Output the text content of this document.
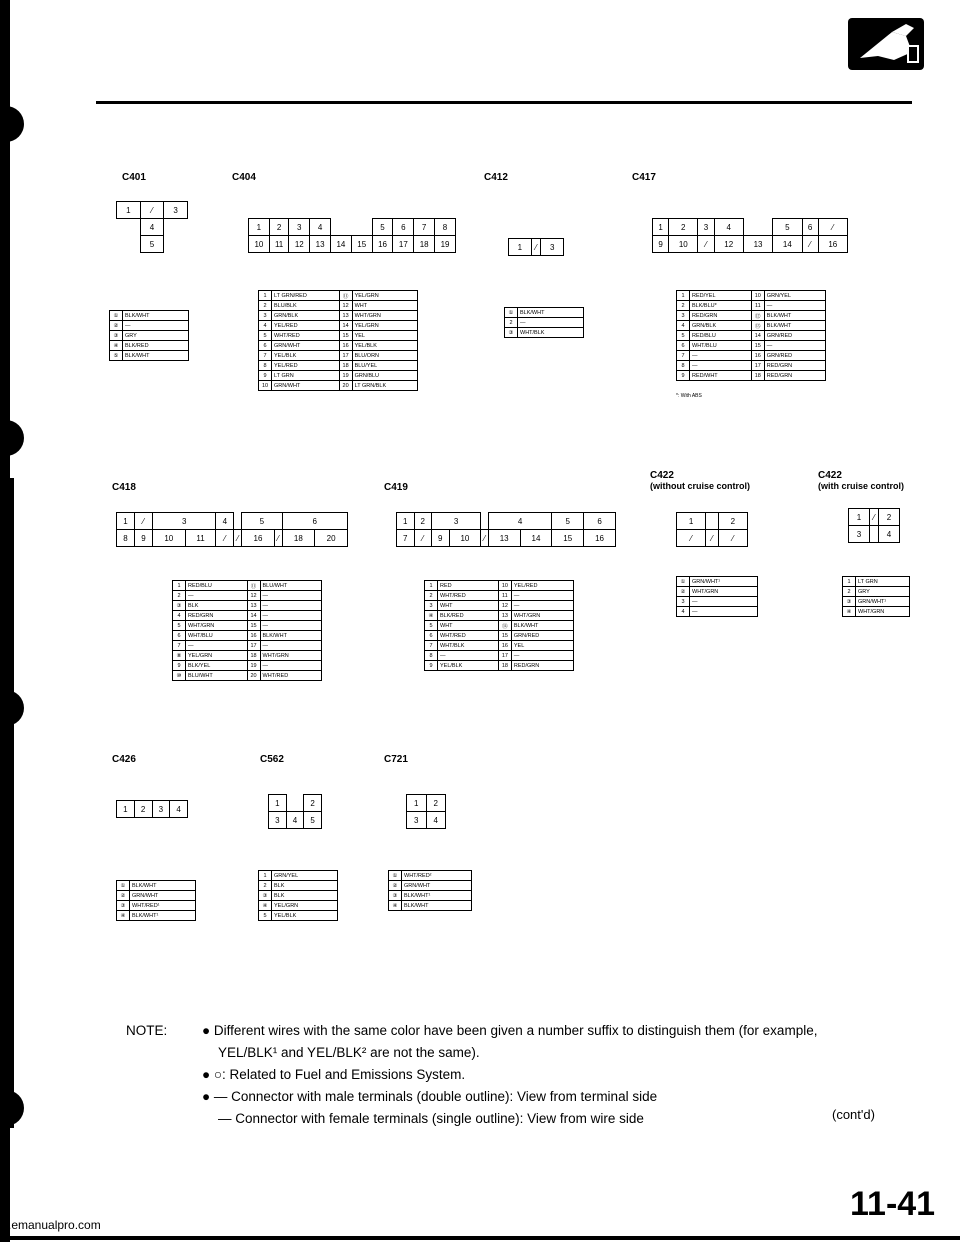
C401
1	⁄	3
	4	
	5	
①	BLK/WHT
②	—
③	GRY
④	BLK/RED
⑤	BLK/WHT
C404
1	2	3	4			5	6	7	8
10	11	12	13	14	15	16	17	18	19
1	LT GRN/RED	⑪	YEL/GRN
2	BLU/BLK	12	WHT
3	GRN/BLK	13	WHT/GRN
4	YEL/RED	14	YEL/GRN
5	WHT/RED	15	YEL
6	GRN/WHT	16	YEL/BLK
7	YEL/BLK	17	BLU/ORN
8	YEL/RED	18	BLU/YEL
9	LT GRN	19	GRN/BLU
10	GRN/WHT	20	LT GRN/BLK
C412
1	⁄	3
①	BLK/WHT
2	—
③	WHT/BLK
C417
1	2	3	4		5	6	⁄
9	10	⁄	12	13	14	⁄	16
1	RED/YEL	10	GRN/YEL
2	BLK/BLU*	11	—
3	RED/GRN	⑫	BLK/WHT
4	GRN/BLK	⑬	BLK/WHT
5	RED/BLU	14	GRN/RED
6	WHT/BLU	15	—
7	—	16	GRN/RED
8	—	17	RED/GRN
9	RED/WHT	18	RED/GRN
*: With ABS
C418
1	⁄	3		4		5		6	
8	9	10	11	⁄	⁄	16	⁄	18	20
1	RED/BLU	⑪	BLU/WHT
2	—	12	—
③	BLK	13	—
4	RED/GRN	14	—
5	WHT/GRN	15	—
6	WHT/BLU	16	BLK/WHT
7	—	17	—
⑧	YEL/GRN	18	WHT/GRN
9	BLK/YEL	19	—
⑩	BLU/WHT	20	WHT/RED
C419
1	2	3			4		5	6
7	⁄	9	10	⁄	13	14	15	16
1	RED	10	YEL/RED
2	WHT/RED	11	—
3	WHT	12	—
④	BLK/RED	13	WHT/GRN
5	WHT	⑭	BLK/WHT
6	WHT/RED	15	GRN/RED
7	WHT/BLK	16	YEL
8	—	17	—
9	YEL/BLK	18	RED/GRN
C422
(without cruise control)
1		2
⁄	⁄	⁄
①	GRN/WHT¹
②	WHT/GRN
3	—
4	—
C422
(with cruise control)
1	⁄	2
3		4
1	LT GRN
2	GRY
③	GRN/WHT¹
④	WHT/GRN
C426
1	2	3	4
①	BLK/WHT
②	GRN/WHT
③	WHT/RED¹
④	BLK/WHT¹
C562
1		2
3	4	5
1	GRN/YEL
2	BLK
③	BLK
④	YEL/GRN
5	YEL/BLK
C721
1	2
3	4
①	WHT/RED²
②	GRN/WHT
③	BLK/WHT¹
④	BLK/WHT
NOTE:	● Different wires with the same color have been given a number suffix to distinguish them (for example,
YEL/BLK¹ and YEL/BLK² are not the same).
● ○: Related to Fuel and Emissions System.
● — Connector with male terminals (double outline): View from terminal side
— Connector with female terminals (single outline): View from wire side	(cont'd)
11-41
w.emanualpro.com
